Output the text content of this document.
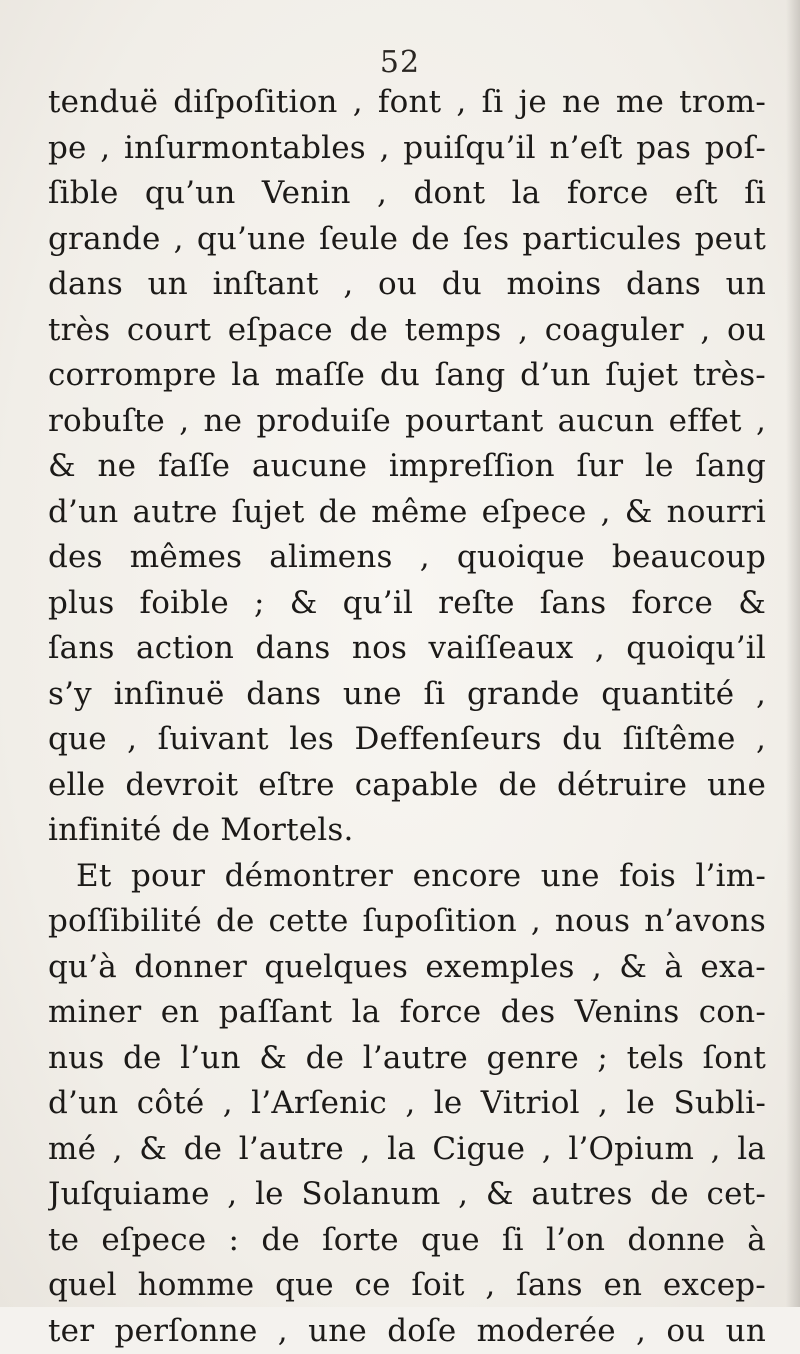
52
tenduë diſpoſition , font , ſi je ne me trom-
pe , inſurmontables , puiſqu’il n’eſt pas poſ-
ſible qu’un Venin , dont la force eſt ſi
grande , qu’une ſeule de ſes particules peut
dans un inſtant , ou du moins dans un
très court eſpace de temps , coaguler , ou
corrompre la maſſe du ſang d’un ſujet très-
robuſte , ne produiſe pourtant aucun effet ,
& ne faſſe aucune impreſſion ſur le ſang
d’un autre ſujet de même eſpece , & nourri
des mêmes alimens , quoique beaucoup
plus foible ; & qu’il reſte ſans force &
ſans action dans nos vaiſſeaux , quoiqu’il
s’y inſinuë dans une ſi grande quantité ,
que , ſuivant les Deffenſeurs du ſiſtême ,
elle devroit eſtre capable de détruire une
infinité de Mortels.
Et pour démontrer encore une fois l’im-
poſſibilité de cette ſupoſition , nous n’avons
qu’à donner quelques exemples , & à exa-
miner en paſſant la force des Venins con-
nus de l’un & de l’autre genre ; tels ſont
d’un côté , l’Arſenic , le Vitriol , le Subli-
mé , & de l’autre , la Cigue , l’Opium , la
Juſquiame , le Solanum , & autres de cet-
te eſpece : de ſorte que ſi l’on donne à
quel homme que ce ſoit , ſans en excep-
ter perſonne , une doſe moderée , ou un
